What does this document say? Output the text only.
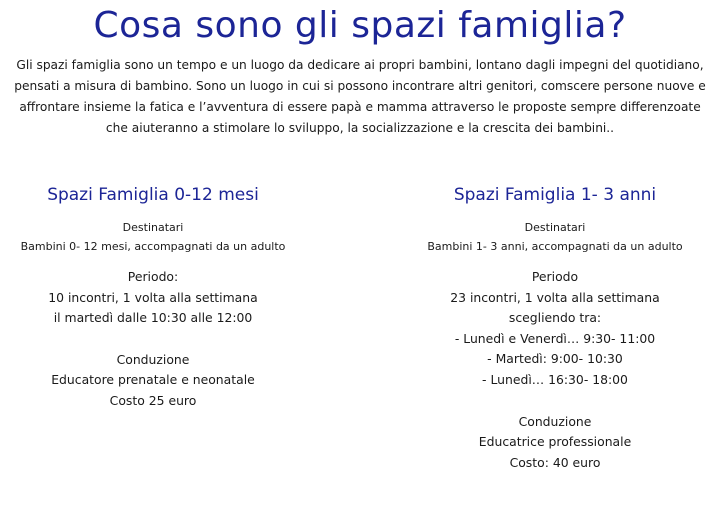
Cosa sono gli spazi famiglia?

Gli spazi famiglia sono un tempo e un luogo da dedicare ai propri bambini, lontano dagli impegni del quotidiano, pensati a misura di bambino. Sono un luogo in cui si possono incontrare altri genitori, comscere persone nuove e affrontare insieme la fatica e l’avventura di essere papà e mamma attraverso le proposte sempre differenzoate che aiuteranno a stimolare lo sviluppo, la socializzazione e la crescita dei bambini..

Spazi Famiglia 0-12 mesi
Destinatari
Bambini 0- 12 mesi, accompagnati da un adulto
Periodo:
10 incontri, 1 volta alla settimana
il martedì dalle 10:30 alle 12:00
Conduzione
Educatore prenatale e neonatale
Costo 25 euro
Spazi Famiglia 1- 3 anni
Destinatari
Bambini 1- 3 anni, accompagnati da un adulto
Periodo
23 incontri, 1 volta alla settimana
scegliendo tra:
- Lunedì e Venerdì… 9:30- 11:00
- Martedì: 9:00- 10:30
- Lunedì… 16:30- 18:00
Conduzione
Educatrice professionale
Costo: 40 euro
